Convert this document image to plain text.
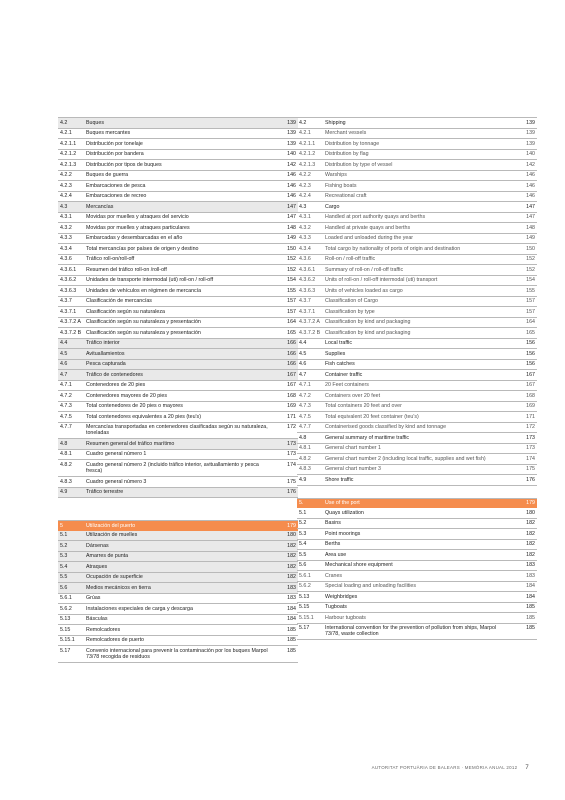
4.2	Buques	139
4.2.1	Buques mercantes	139
4.2.1.1	Distribución por tonelaje	139
4.2.1.2	Distribución por bandera	140
4.2.1.3	Distribución por tipos de buques	142
4.2.2	Buques de guerra	146
4.2.3	Embarcaciones de pesca	146
4.2.4	Embarcaciones de recreo	146
4.3	Mercancías	147
4.3.1	Movidas por muelles y atraques del servicio	147
4.3.2	Movidas por muelles y atraques particulares	148
4.3.3	Embarcadas y desembarcadas en el año	149
4.3.4	Total mercancías por países de origen y destino	150
4.3.6	Tráfico roll-on/roll-off	152
4.3.6.1	Resumen del tráfico roll-on /roll-off	152
4.3.6.2	Unidades de transporte intermodal (uti) roll-on / roll-off	154
4.3.6.3	Unidades de vehículos en régimen de mercancía	155
4.3.7	Clasificación de mercancías	157
4.3.7.1	Clasificación según su naturaleza	157
4.3.7.2 A Clasificación según su naturaleza y presentación	164
4.3.7.2 B Clasificación según su naturaleza y presentación	165
4.4	Tráfico interior	166
4.5	Avituallamientos	166
4.6	Pesca capturada	166
4.7	Tráfico de contenedores	167
4.7.1	Contenedores de 20 pies	167
4.7.2	Contenedores mayores de 20 pies	168
4.7.3	Total contenedores de 20 pies o mayores	169
4.7.5	Total contenedores equivalentes a 20 pies (teu's)	171
4.7.7	Mercancías transportadas en contenedores clasificadas según su naturaleza, toneladas
172
4.8	Resumen general del tráfico marítimo	173
4.8.1	Cuadro general número 1	173
4.8.2	Cuadro general número 2 (incluido tráfico interior, avituallamiento y pesca fresca)
174
4.8.3	Cuadro general número 3	175
4.9	Tráfico terrestre	176
5	Utilización del puerto	179
5.1	Utilización de muelles	180
5.2	Dársenas	182
5.3	Amarres de punta	182
5.4	Atraques	182
5.5	Ocupación de superficie	182
5.6	Medios mecánicos en tierra	183
5.6.1	Grúas	183
5.6.2	Instalaciones especiales de carga y descarga	184
5.13	Básculas	184
5.15	Remolcadores	185
5.15.1	Remolcadores de puerto	185
5.17	Convenio internacional para prevenir la contaminación por los buques Marpol 73/78 recogida de residuos
185
4.2	Shipping	139
4.2.1	Merchant vessels	139
4.2.1.1	Distribution by tonnage	139
4.2.1.2	Distribution by flag	140
4.2.1.3	Distribution by type of vessel	142
4.2.2	Warships	146
4.2.3	Fishing boats	146
4.2.4	Recreational craft	146
4.3	Cargo	147
4.3.1	Handled at port authority quays and berths	147
4.3.2	Handled at private quays and berths	148
4.3.3	Loaded and unloaded during the year	149
4.3.4	Total cargo by nationality of ports of origin and destination	150
4.3.6	Roll-on / roll-off traffic	152
4.3.6.1	Summary of roll-on / roll-off traffic	152
4.3.6.2	Units of roll-on / roll-off intermodal (uti) transport	154
4.3.6.3	Units of vehicles loaded as cargo	155
4.3.7	Classification of Cargo	157
4.3.7.1	Classification by type	157
4.3.7.2 A Classification by kind and packaging	164
4.3.7.2 B Classification by kind and packaging	165
4.4	Local traffic	156
4.5	Supplies	156
4.6	Fish catches	156
4.7	Container traffic	167
4.7.1	20 Feet containers	167
4.7.2	Containers over 20 feet	168
4.7.3	Total containers 20 feet and over	169
4.7.5	Total equivalent 20 feet container (teu's)	171
4.7.7	Containerised goods classified by kind and tonnage	172
4.8	General summary of maritime traffic	173
4.8.1	General chart number 1	173
4.8.2	General chart number 2 (including local traffic, supplies and wet fish)	174
4.8.3	General chart number 3	175
4.9	Shore traffic	176
5.	Use of the port	179
5.1	Quays utilization	180
5.2	Basins	182
5.3	Point moorings	182
5.4	Berths	182
5.5	Area use	182
5.6	Mechanical shore equipment	183
5.6.1	Cranes	183
5.6.2	Special loading and unloading facilities	184
5.13	Weighbridges	184
5.15	Tugboats	185
5.15.1	Harbour tugboats	185
5.17	International convention for the prevention of pollution from ships, Marpol 73/78, waste collection
185
AUTORITAT PORTUÀRIA DE BALEARS · MEMÒRIA ANUAL 2012 7
